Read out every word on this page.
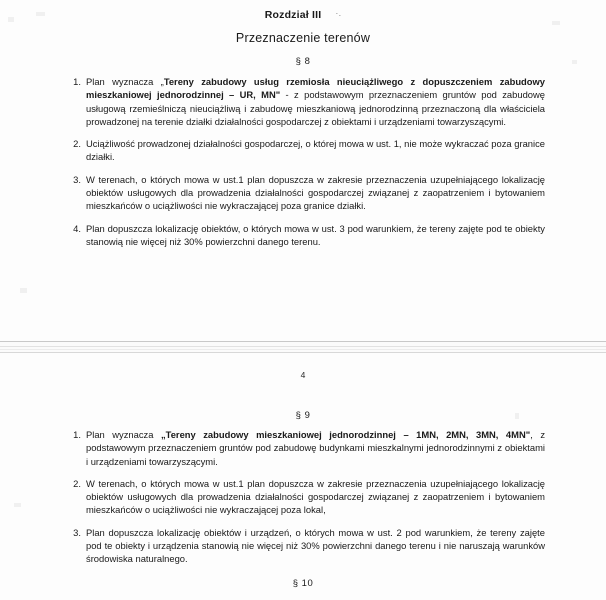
Rozdział III ·.
Przeznaczenie terenów
§ 8
1. Plan wyznacza „Tereny zabudowy usług rzemiosła nieuciążliwego z dopuszczeniem zabudowy mieszkaniowej jednorodzinnej – UR, MN" - z podstawowym przeznaczeniem gruntów pod zabudowę usługową rzemieślniczą nieuciążliwą i zabudowę mieszkaniową jednorodzinną przeznaczoną dla właściciela prowadzonej na terenie działki działalności gospodarczej z obiektami i urządzeniami towarzyszącymi.
2. Uciążliwość prowadzonej działalności gospodarczej, o której mowa w ust. 1, nie może wykraczać poza granice działki.
3. W terenach, o których mowa w ust.1 plan dopuszcza w zakresie przeznaczenia uzupełniającego lokalizację obiektów usługowych dla prowadzenia działalności gospodarczej związanej z zaopatrzeniem i bytowaniem mieszkańców o uciążliwości nie wykraczającej poza granice działki.
4. Plan dopuszcza lokalizację obiektów, o których mowa w ust. 3 pod warunkiem, że tereny zajęte pod te obiekty stanowią nie więcej niż 30% powierzchni danego terenu.
4
§ 9
1. Plan wyznacza „Tereny zabudowy mieszkaniowej jednorodzinnej – 1MN, 2MN, 3MN, 4MN", z podstawowym przeznaczeniem gruntów pod zabudowę budynkami mieszkalnymi jednorodzinnymi z obiektami i urządzeniami towarzyszącymi.
2. W terenach, o których mowa w ust.1 plan dopuszcza w zakresie przeznaczenia uzupełniającego lokalizację obiektów usługowych dla prowadzenia działalności gospodarczej związanej z zaopatrzeniem i bytowaniem mieszkańców o uciążliwości nie wykraczającej poza lokal,
3. Plan dopuszcza lokalizację obiektów i urządzeń, o których mowa w ust. 2 pod warunkiem, że tereny zajęte pod te obiekty i urządzenia stanowią nie więcej niż 30% powierzchni danego terenu i nie naruszają warunków środowiska naturalnego.
§ 10
